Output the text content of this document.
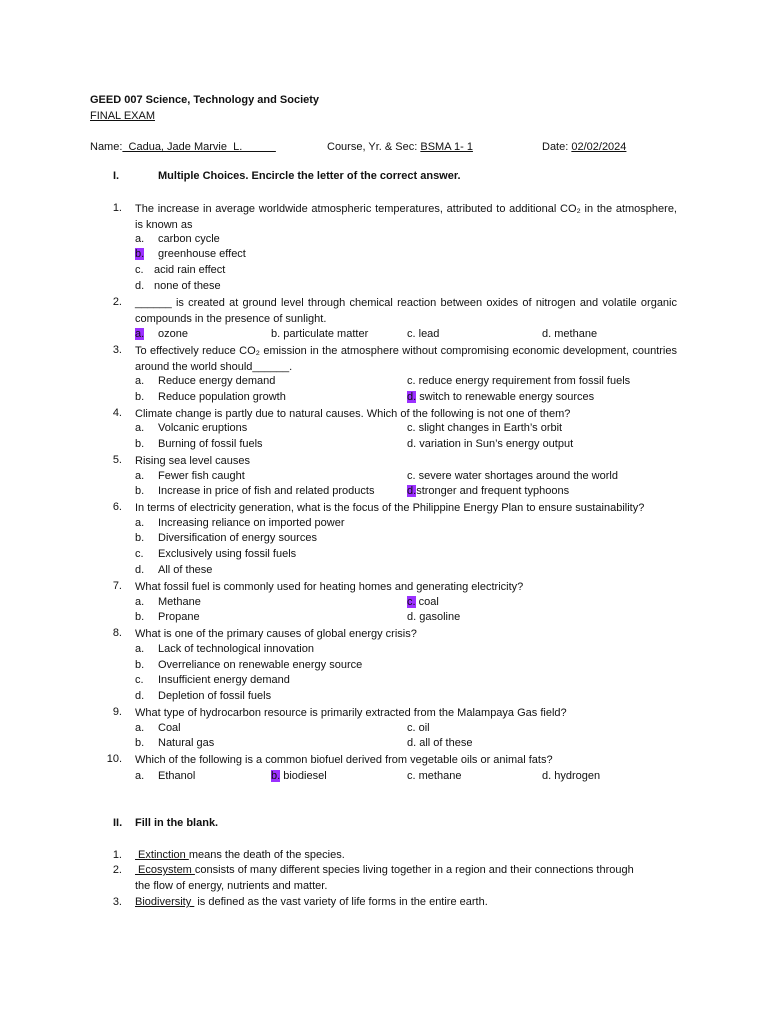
GEED 007 Science, Technology and Society
FINAL EXAM
Name:  Cadua, Jade Marvie  L.	Course, Yr. & Sec: BSMA 1- 1	Date: 02/02/2024
I.	Multiple Choices. Encircle the letter of the correct answer.
1. The increase in average worldwide atmospheric temperatures, attributed to additional CO₂ in the atmosphere, is known as
a. carbon cycle
b. greenhouse effect
c. acid rain effect
d. none of these
2. ______ is created at ground level through chemical reaction between oxides of nitrogen and volatile organic compounds in the presence of sunlight.
a. ozone	b. particulate matter	c. lead	d. methane
3. To effectively reduce CO₂ emission in the atmosphere without compromising economic development, countries around the world should______.
a. Reduce energy demand	c. reduce energy requirement from fossil fuels
b. Reduce population growth	d. switch to renewable energy sources
4. Climate change is partly due to natural causes. Which of the following is not one of them?
a. Volcanic eruptions	c. slight changes in Earth’s orbit
b. Burning of fossil fuels	d. variation in Sun’s energy output
5. Rising sea level causes
a. Fewer fish caught	c. severe water shortages around the world
b. Increase in price of fish and related products	d.stronger and frequent typhoons
6. In terms of electricity generation, what is the focus of the Philippine Energy Plan to ensure sustainability?
a. Increasing reliance on imported power
b. Diversification of energy sources
c. Exclusively using fossil fuels
d. All of these
7. What fossil fuel is commonly used for heating homes and generating electricity?
a. Methane	c. coal
b. Propane	d. gasoline
8. What is one of the primary causes of global energy crisis?
a. Lack of technological innovation
b. Overreliance on renewable energy source
c. Insufficient energy demand
d. Depletion of fossil fuels
9. What type of hydrocarbon resource is primarily extracted from the Malampaya Gas field?
a. Coal	c. oil
b. Natural gas	d. all of these
10. Which of the following is a common biofuel derived from vegetable oils or animal fats?
a. Ethanol	b. biodiesel	c. methane	d. hydrogen
II. Fill in the blank.
1. Extinction means the death of the species.
2. Ecosystem consists of many different species living together in a region and their connections through
the flow of energy, nutrients and matter.
3. Biodiversity  is defined as the vast variety of life forms in the entire earth.
